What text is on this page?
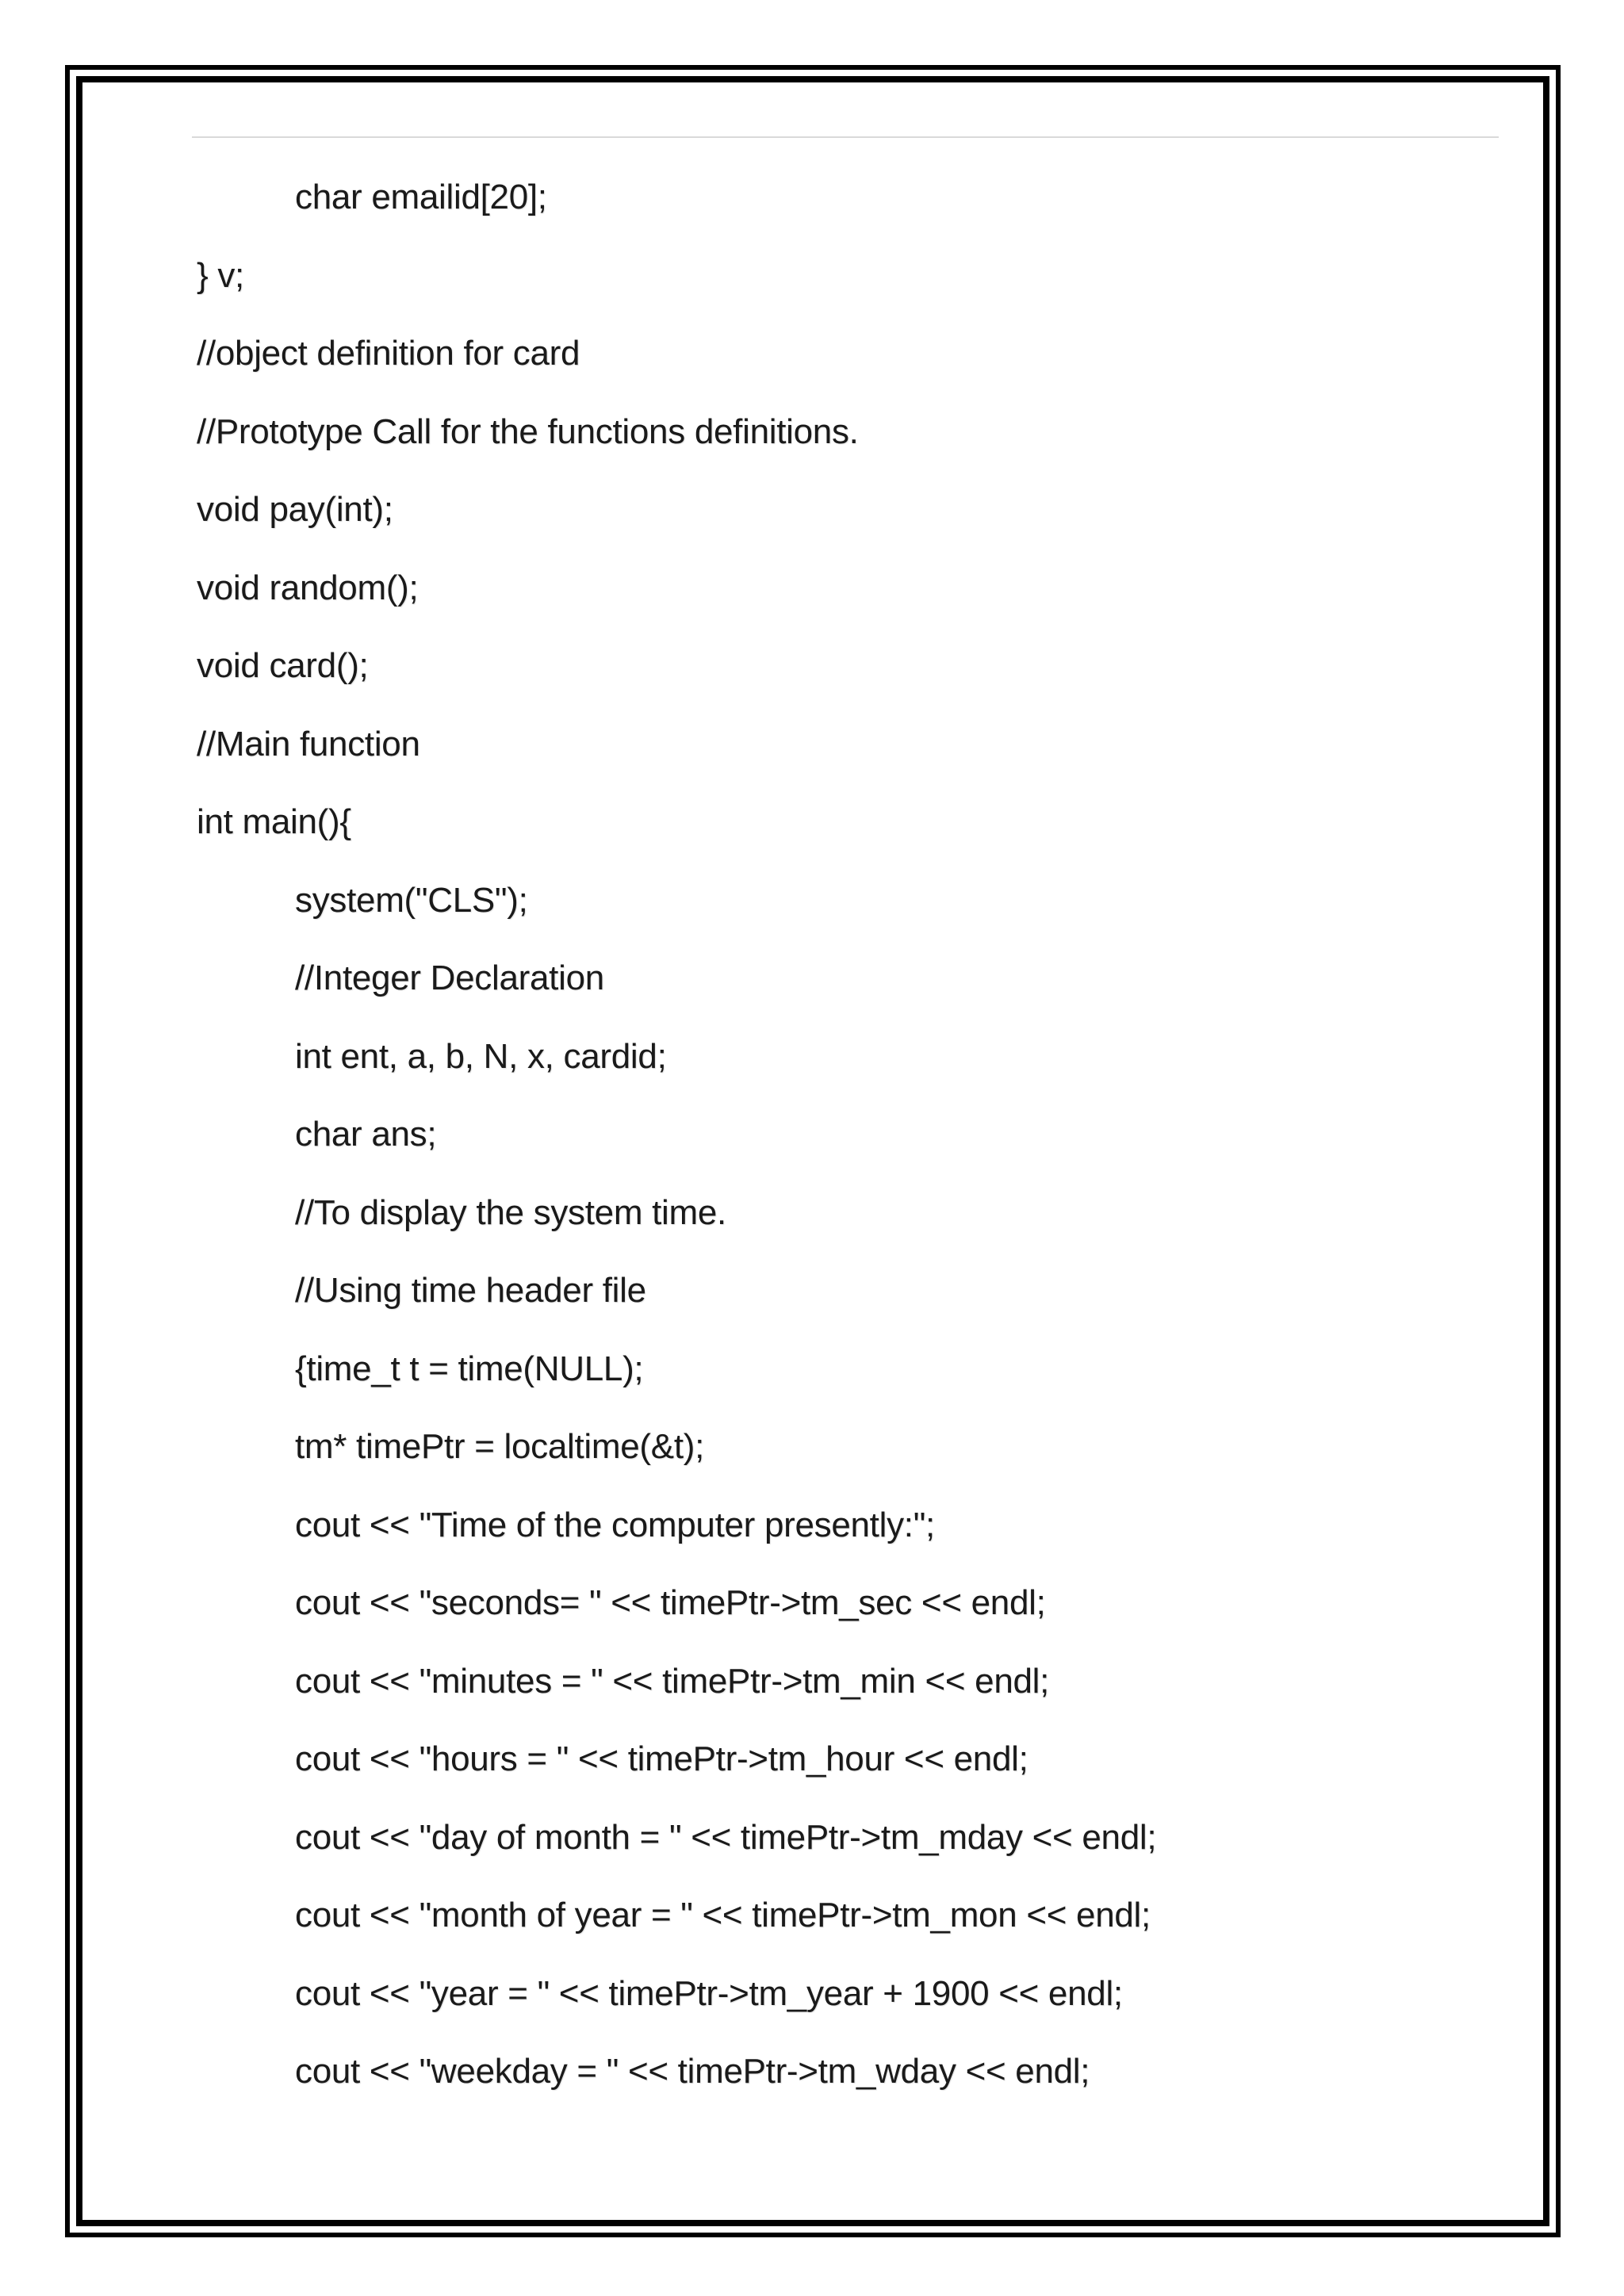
char emailid[20];
} v;
//object definition for card
//Prototype Call for the functions definitions.
void pay(int);
void random();
void card();
//Main function
int main(){
system("CLS");
//Integer Declaration
int ent, a, b, N, x, cardid;
char ans;
//To display the system time.
//Using time header file
{time_t t = time(NULL);
tm* timePtr = localtime(&t);
cout << "Time of the computer presently:";
cout << "seconds= " << timePtr->tm_sec << endl;
cout << "minutes = " << timePtr->tm_min << endl;
cout << "hours = " << timePtr->tm_hour << endl;
cout << "day of month = " << timePtr->tm_mday << endl;
cout << "month of year = " << timePtr->tm_mon << endl;
cout << "year = " << timePtr->tm_year + 1900 << endl;
cout << "weekday = " << timePtr->tm_wday << endl;
